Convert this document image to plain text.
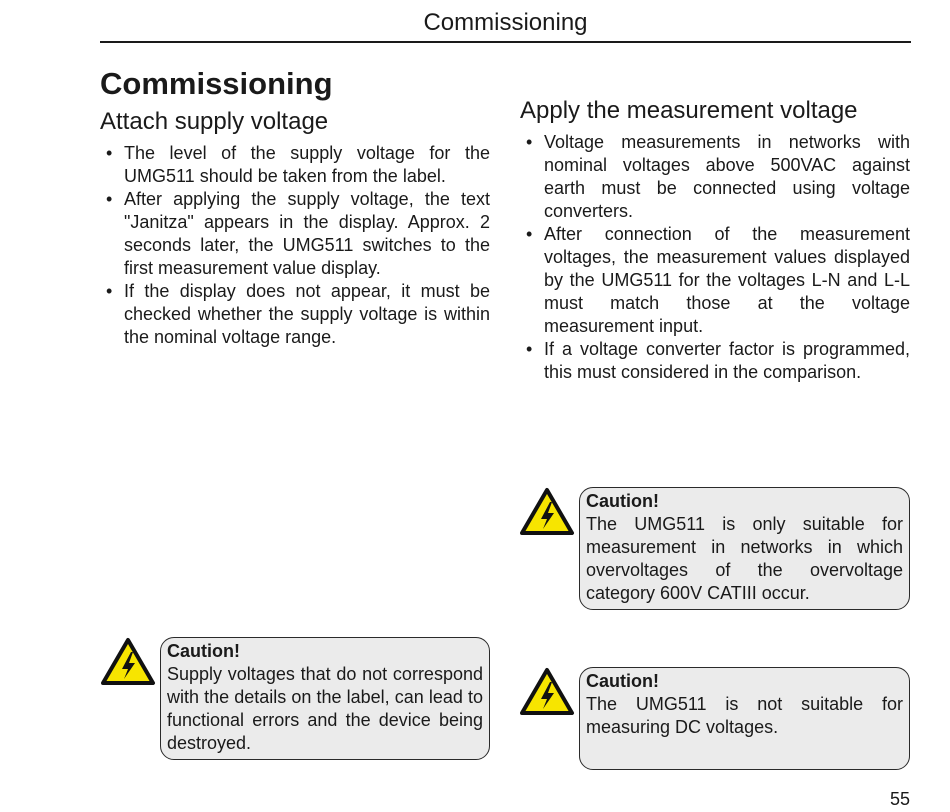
Commissioning
Commissioning
Attach supply voltage
• The level of the supply voltage for the UMG511 should be taken from the label.
• After applying the supply voltage, the text "Janitza" appears in the display. Approx. 2 seconds later, the UMG511 switches to the first measurement value display.
• If the display does not appear, it must be checked whether the supply voltage is within the nominal voltage range.
Apply the measurement voltage
• Voltage measurements in networks with nominal voltages above 500VAC against earth must be connected using voltage converters.
• After connection of the measurement voltages, the measurement values displayed by the UMG511 for the voltages L-N and L-L must match those at the voltage measurement input.
• If a voltage converter factor is programmed, this must considered in the comparison.
Caution!
Supply voltages that do not correspond with the details on the label, can lead to functional errors and the device being destroyed.
Caution!
The UMG511 is only suitable for measurement in networks in which overvoltages of the overvoltage category 600V CATIII occur.
Caution!
The UMG511 is not suitable for measuring DC voltages.
55
